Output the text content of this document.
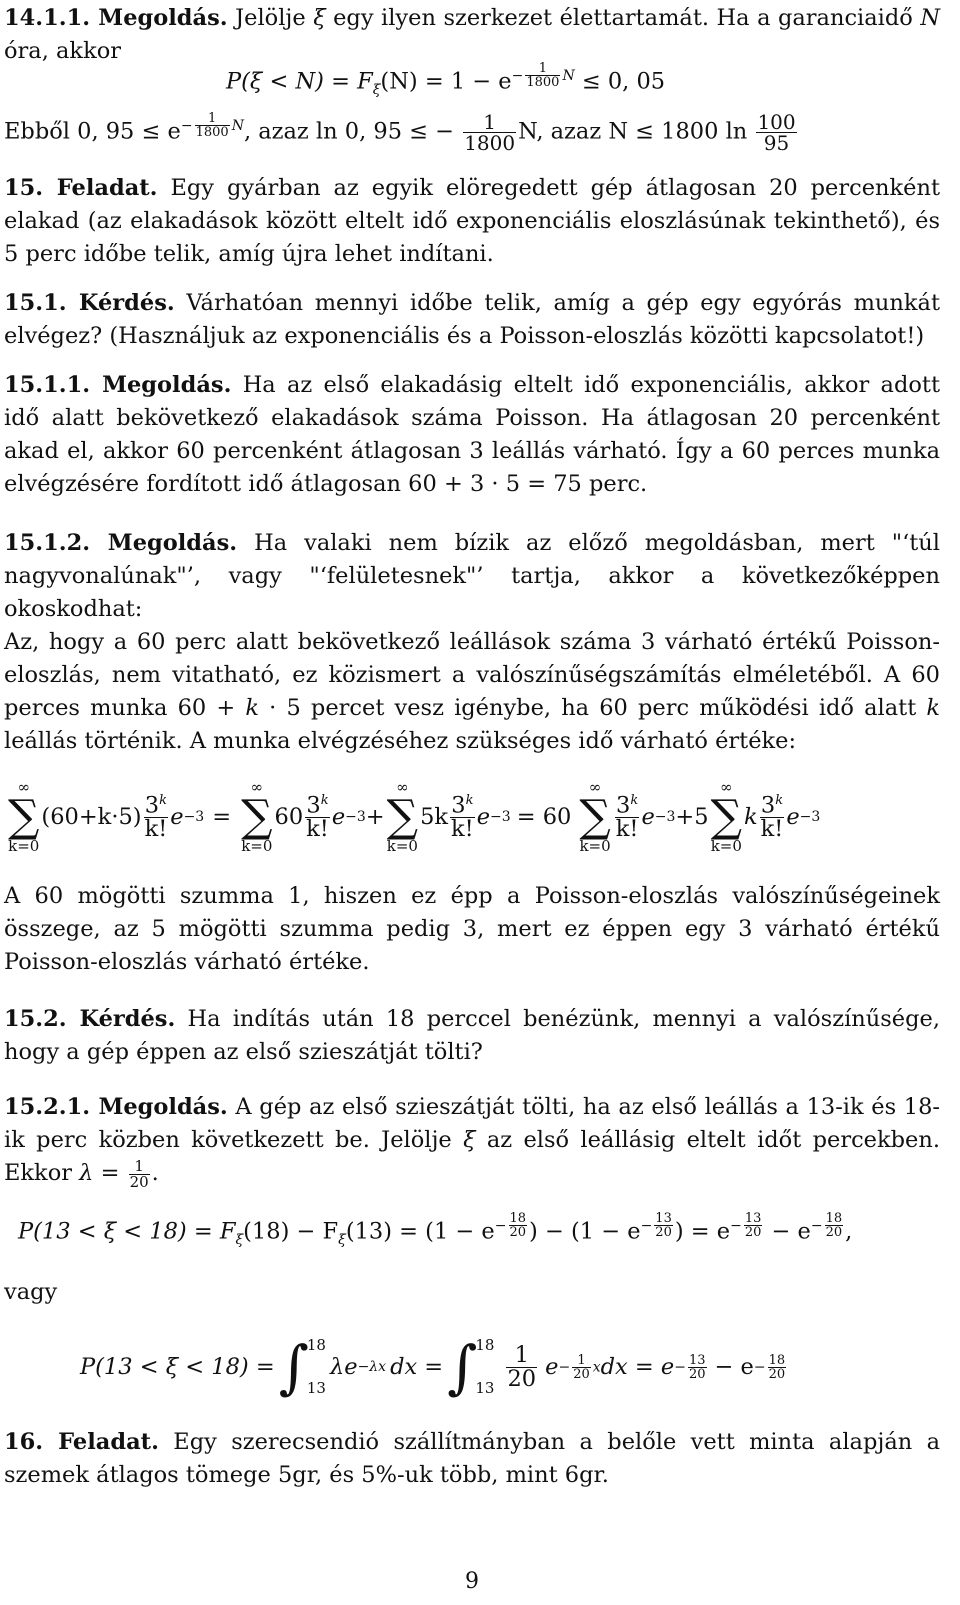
14.1.1. Megoldás. Jelölje ξ egy ilyen szerkezet élettartamát. Ha a garanciaidő N óra, akkor

$P(\xi < N) = F_\xi(N) = 1 - e^{- \frac{1}{1800} N} \le 0$, 05
Ebből 0, $95 \le e^{- \frac{1}{1800} N}$, azaz ln 0, 95 ≤ − $\frac{1}{1800} N$, azaz N ≤ 1800 $\ln \frac{100}{95}$

15. Feladat. Egy gyárban az egyik elöregedett gép átlagosan 20 percenként elakad (az elakadások között eltelt idő exponenciális eloszlásúnak tekinthető), és 5 perc időbe telik, amíg újra lehet indítani.

15.1. Kérdés. Várhatóan mennyi időbe telik, amíg a gép egy egyórás munkát elvégez? (Használjuk az exponenciális és a Poisson-eloszlás közötti kapcsolatot!)

15.1.1. Megoldás. Ha az első elakadásig eltelt idő exponenciális, akkor adott idő alatt bekövetkező elakadások száma Poisson. Ha átlagosan 20 percenként akad el, akkor 60 percenként átlagosan 3 leállás várható. Így a 60 perces munka elvégzésére fordított idő átlagosan 60 + 3 · 5 = 75 perc.

15.1.2. Megoldás. Ha valaki nem bízik az előző megoldásban, mert "‘túl nagyvonalúnak"’, vagy "‘felületesnek"’ tartja, akkor a következőképpen okoskodhat:

Az, hogy a 60 perc alatt bekövetkező leállások száma 3 várható értékű Poisson-eloszlás, nem vitatható, ez közismert a valószínűségszámítás elméletéből. A 60 perces munka 60 + k · 5 percet vesz igénybe, ha 60 perc működési idő alatt k leállás történik. A munka elvégzéséhez szükséges idő várható értéke:

∞
∑
k=0
(60+k·5) 3$^k$
k! e −3 =
∞
∑
k=0
60 3$^k$
k! e −3 +
∞
∑
k=0
5k 3$^k$
k! e −3 = 60
∞
∑
k=0
3$^k$
k! e −3 +5
∞
∑
k=0
k 3$^k$
k! e −3

A 60 mögötti szumma 1, hiszen ez épp a Poisson-eloszlás valószínűségeinek összege, az 5 mögötti szumma pedig 3, mert ez éppen egy 3 várható értékű Poisson-eloszlás várható értéke.

15.2. Kérdés. Ha indítás után 18 perccel benézünk, mennyi a valószínűsége, hogy a gép éppen az első szieszátját tölti?

15.2.1. Megoldás. A gép az első szieszátját tölti, ha az első leállás a 13-ik és 18-ik perc közben következett be. Jelölje ξ az első leállásig eltelt időt percekben. Ekkor $\lambda = \frac{1}{20}$ .

$P(13 < \xi < 18) = F_\xi(18) - F_\xi(13) = (1 - e^{- \frac{18}{20}}$ ) − ($1 - e^{- \frac{13}{20}}$ ) = $e^{- \frac{13}{20}} - e^{- \frac{18}{20}}$ ,

vagy

P(13 < ξ < 18) = ∫
18
13
λe −λx dx = ∫
18
13
1
20 $e - \frac{1}{20}$ x dx = $e - \frac{13}{20} - e - \frac{18}{20}$

16. Feladat. Egy szerecsendió szállítmányban a belőle vett minta alapján a szemek átlagos tömege 5gr, és 5%-uk több, mint 6gr.

9
